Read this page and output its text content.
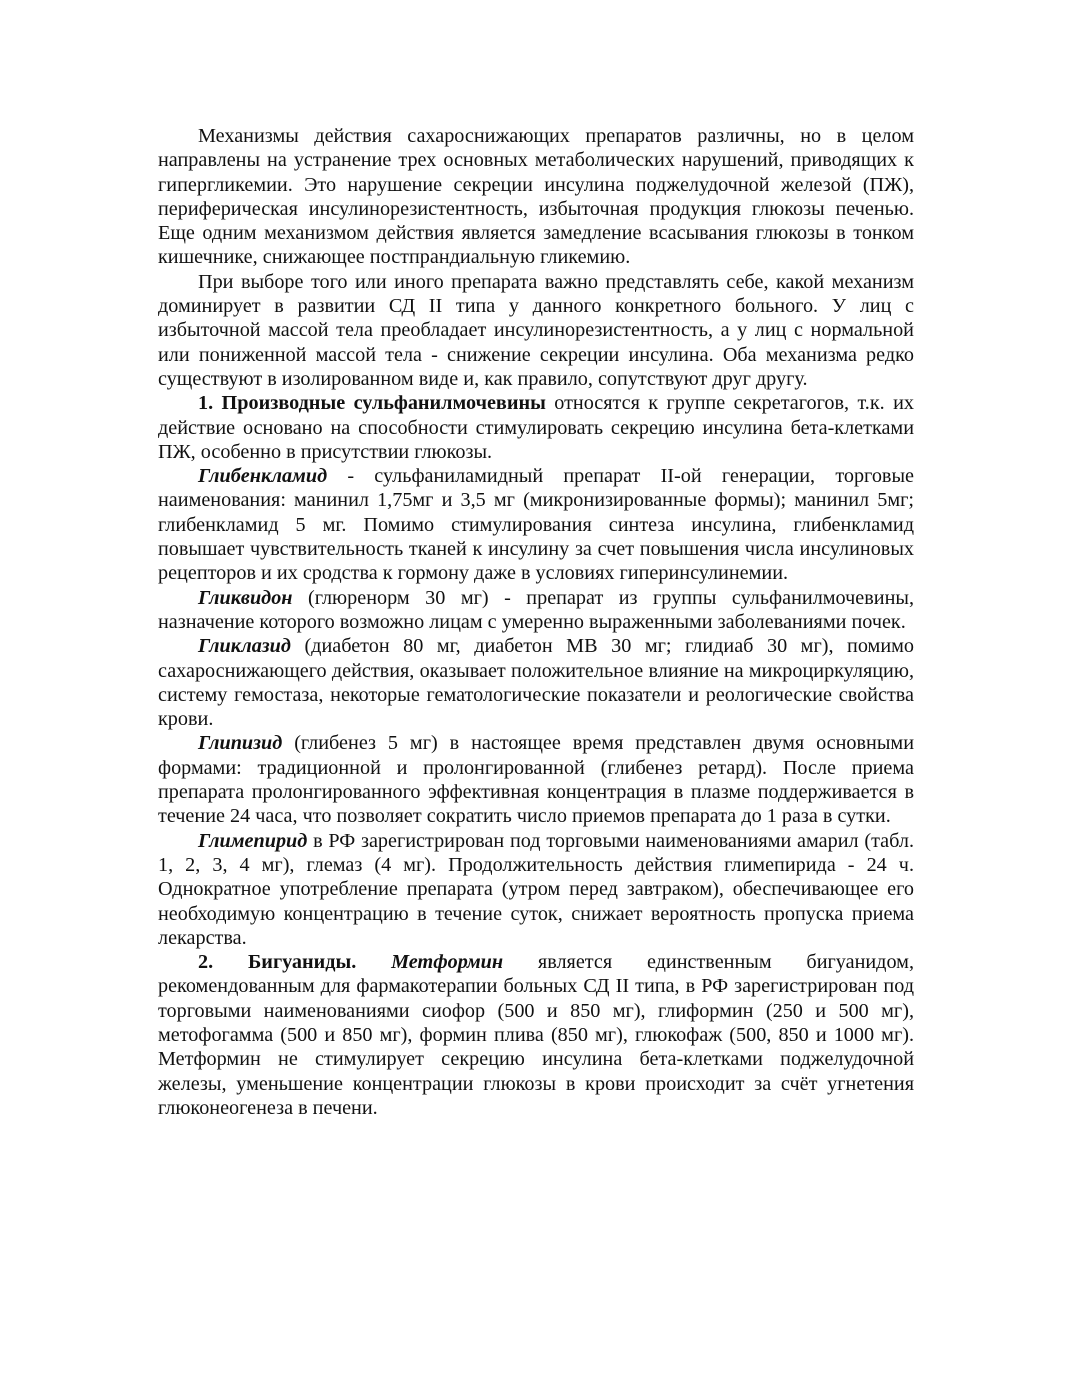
Механизмы действия сахароснижающих препаратов различны, но в целом направлены на устранение трех основных метаболических нарушений, приводящих к гипергликемии. Это нарушение секреции инсулина поджелудочной железой (ПЖ), периферическая инсулинорезистентность, избыточная продукция глюкозы печенью. Еще одним механизмом действия является замедление всасывания глюкозы в тонком кишечнике, снижающее постпрандиальную гликемию.

При выборе того или иного препарата важно представлять себе, какой механизм доминирует в развитии СД II типа у данного конкретного больного. У лиц с избыточной массой тела преобладает инсулинорезистентность, а у лиц с нормальной или пониженной массой тела - снижение секреции инсулина. Оба механизма редко существуют в изолированном виде и, как правило, сопутствуют друг другу.

1. Производные сульфанилмочевины относятся к группе секретагогов, т.к. их действие основано на способности стимулировать секрецию инсулина бета-клетками ПЖ, особенно в присутствии глюкозы.

Глибенкламид - сульфаниламидный препарат II-ой генерации, торговые наименования: манинил 1,75мг и 3,5 мг (микронизированные формы); манинил 5мг; глибенкламид 5 мг. Помимо стимулирования синтеза инсулина, глибенкламид повышает чувствительность тканей к инсулину за счет повышения числа инсулиновых рецепторов и их сродства к гормону даже в условиях гиперинсулинемии.

Гликвидон (глюренорм 30 мг) - препарат из группы сульфанилмочевины, назначение которого возможно лицам с умеренно выраженными заболеваниями почек.

Гликлазид (диабетон 80 мг, диабетон МВ 30 мг; глидиаб 30 мг), помимо сахароснижающего действия, оказывает положительное влияние на микроциркуляцию, систему гемостаза, некоторые гематологические показатели и реологические свойства крови.

Глипизид (глибенез 5 мг) в настоящее время представлен двумя основными формами: традиционной и пролонгированной (глибенез ретард). После приема препарата пролонгированного эффективная концентрация в плазме поддерживается в течение 24 часа, что позволяет сократить число приемов препарата до 1 раза в сутки.

Глимепирид в РФ зарегистрирован под торговыми наименованиями амарил (табл. 1, 2, 3, 4 мг), глемаз (4 мг). Продолжительность действия глимепирида - 24 ч. Однократное употребление препарата (утром перед завтраком), обеспечивающее его необходимую концентрацию в течение суток, снижает вероятность пропуска приема лекарства.

2. Бигуаниды. Метформин является единственным бигуанидом, рекомендованным для фармакотерапии больных СД II типа, в РФ зарегистрирован под торговыми наименованиями сиофор (500 и 850 мг), глиформин (250 и 500 мг), метофогамма (500 и 850 мг), формин плива (850 мг), глюкофаж (500, 850 и 1000 мг). Метформин не стимулирует секрецию инсулина бета-клетками поджелудочной железы, уменьшение концентрации глюкозы в крови происходит за счёт угнетения глюконеогенеза в печени.
